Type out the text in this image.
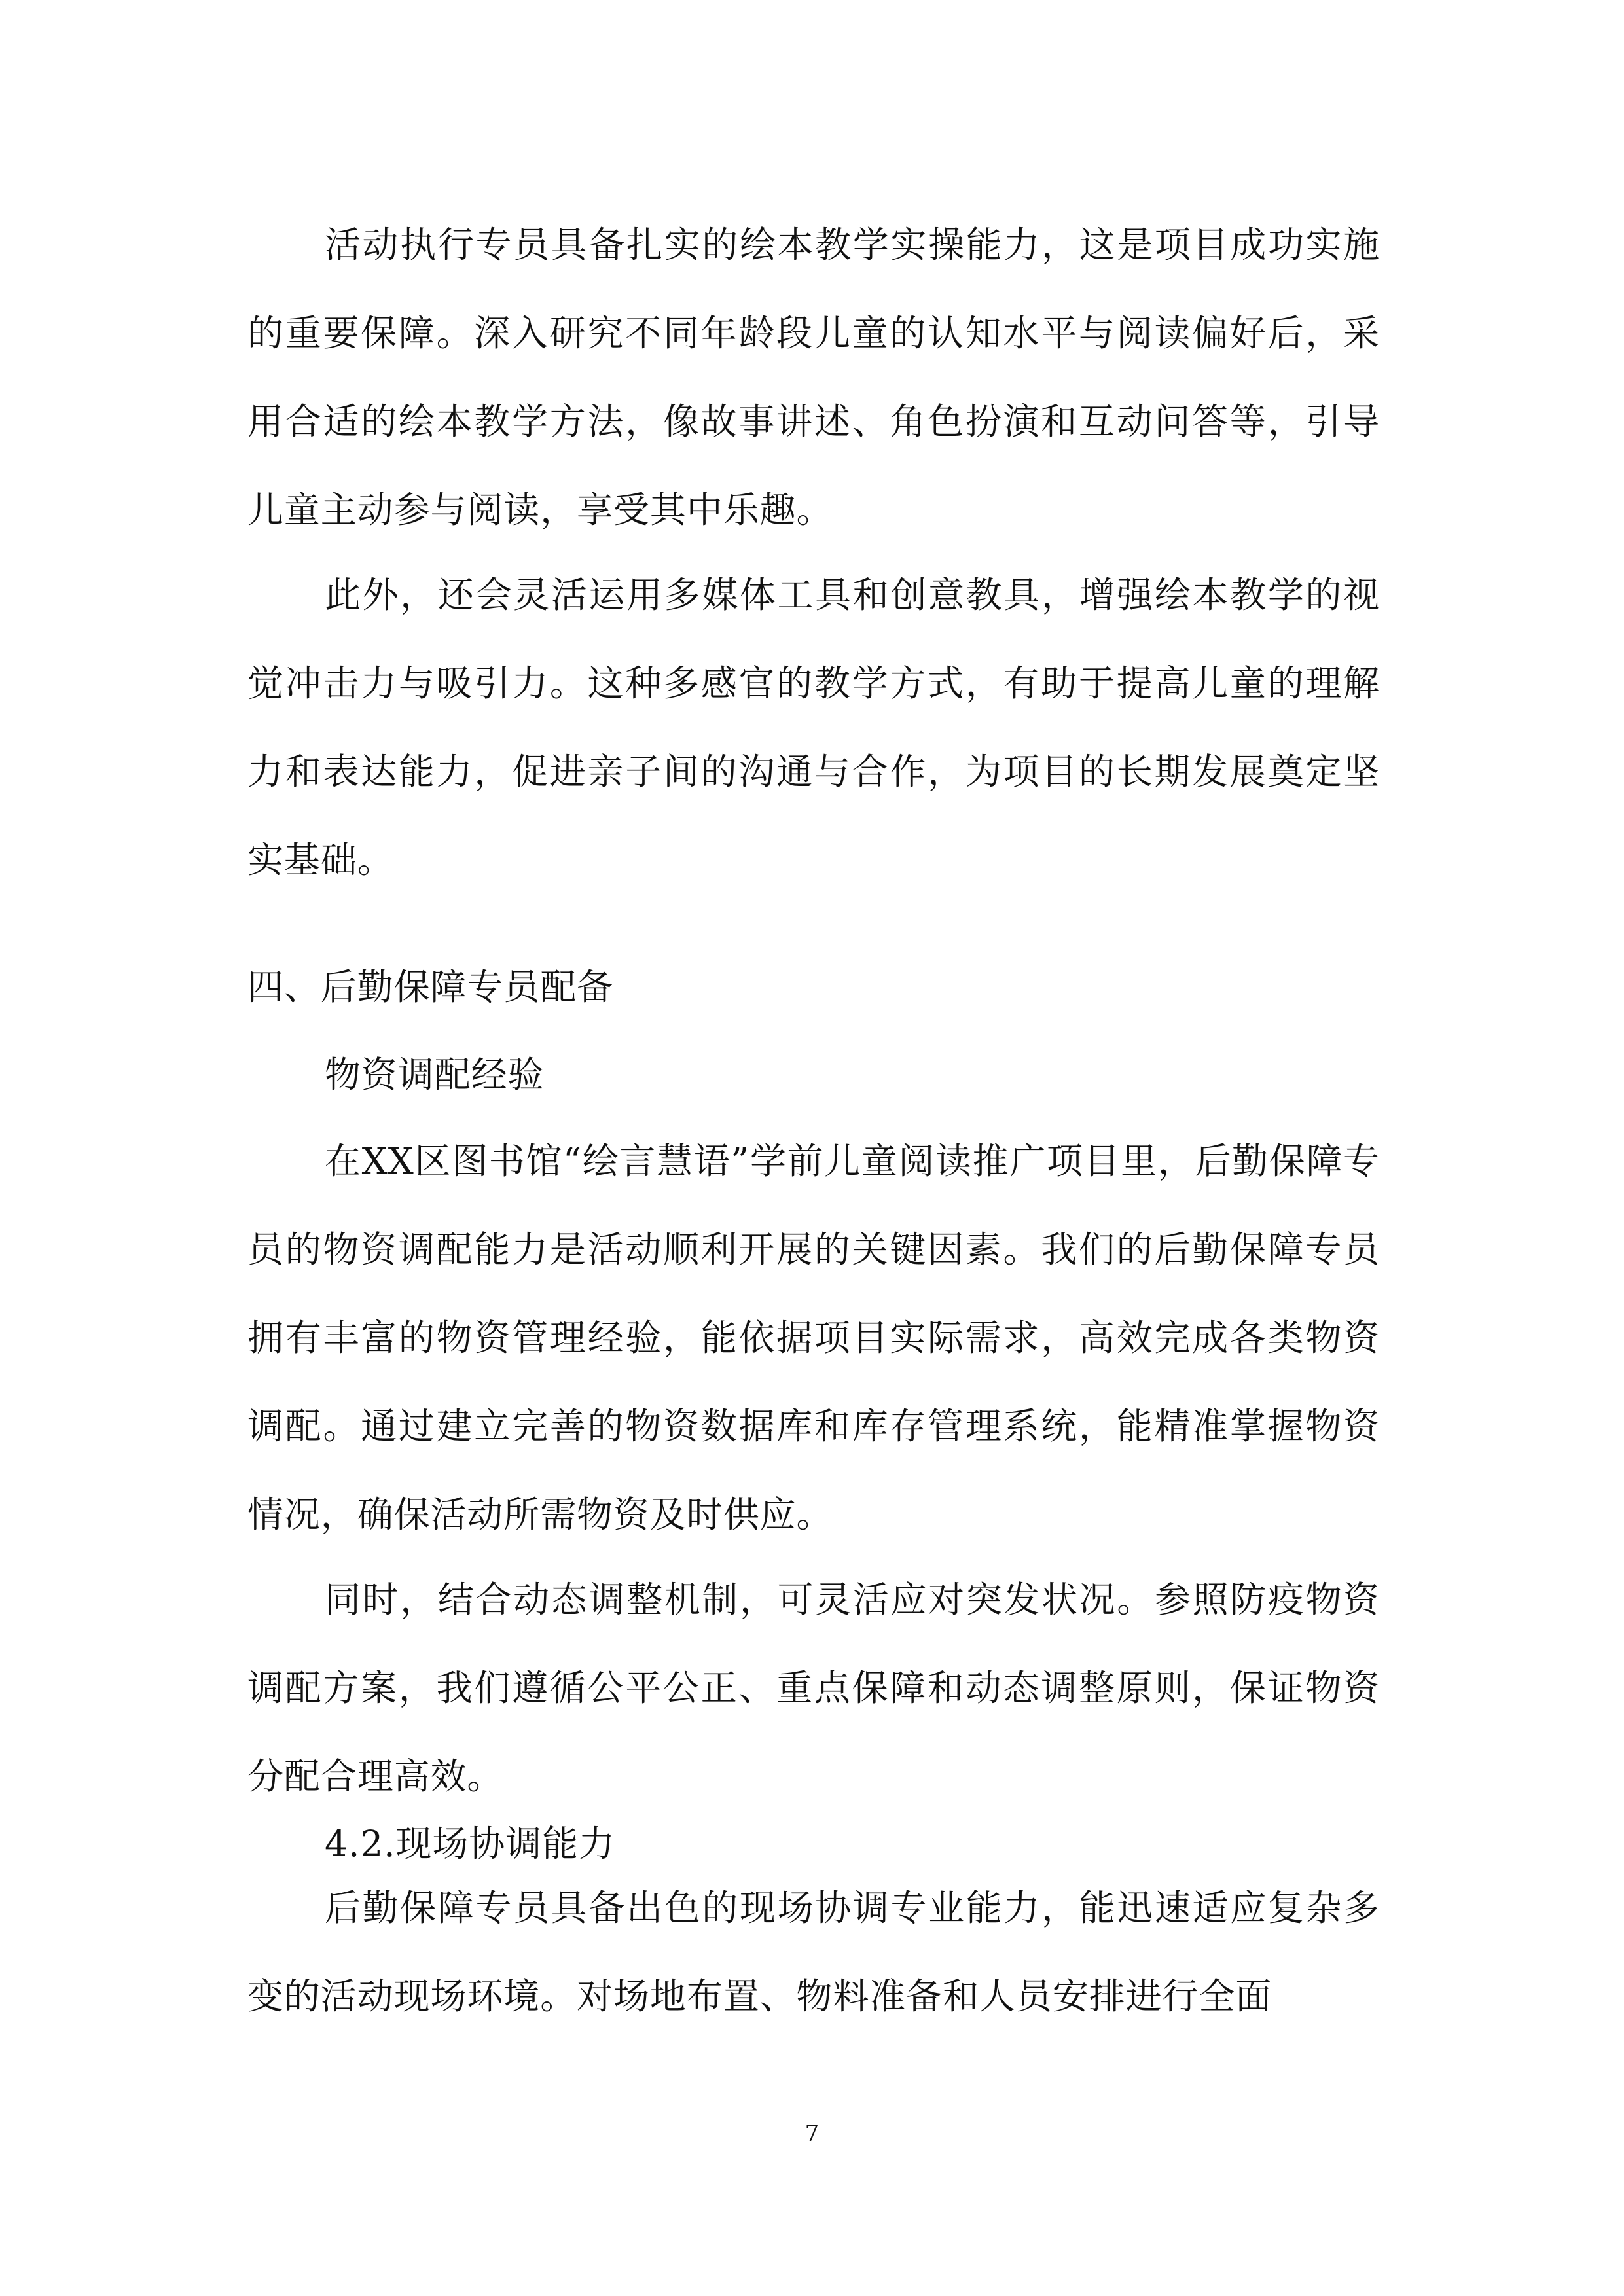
活动执行专员具备扎实的绘本教学实操能力，这是项目成功实施的重要保障。深入研究不同年龄段儿童的认知水平与阅读偏好后，采用合适的绘本教学方法，像故事讲述、角色扮演和互动问答等，引导儿童主动参与阅读，享受其中乐趣。

此外，还会灵活运用多媒体工具和创意教具，增强绘本教学的视觉冲击力与吸引力。这种多感官的教学方式，有助于提高儿童的理解力和表达能力，促进亲子间的沟通与合作，为项目的长期发展奠定坚实基础。

四、后勤保障专员配备
物资调配经验

在XX区图书馆“绘言慧语”学前儿童阅读推广项目里，后勤保障专员的物资调配能力是活动顺利开展的关键因素。我们的后勤保障专员拥有丰富的物资管理经验，能依据项目实际需求，高效完成各类物资调配。通过建立完善的物资数据库和库存管理系统，能精准掌握物资情况，确保活动所需物资及时供应。

同时，结合动态调整机制，可灵活应对突发状况。参照防疫物资调配方案，我们遵循公平公正、重点保障和动态调整原则，保证物资分配合理高效。

4.2.现场协调能力

后勤保障专员具备出色的现场协调专业能力，能迅速适应复杂多变的活动现场环境。对场地布置、物料准备和人员安排进行全面

7
